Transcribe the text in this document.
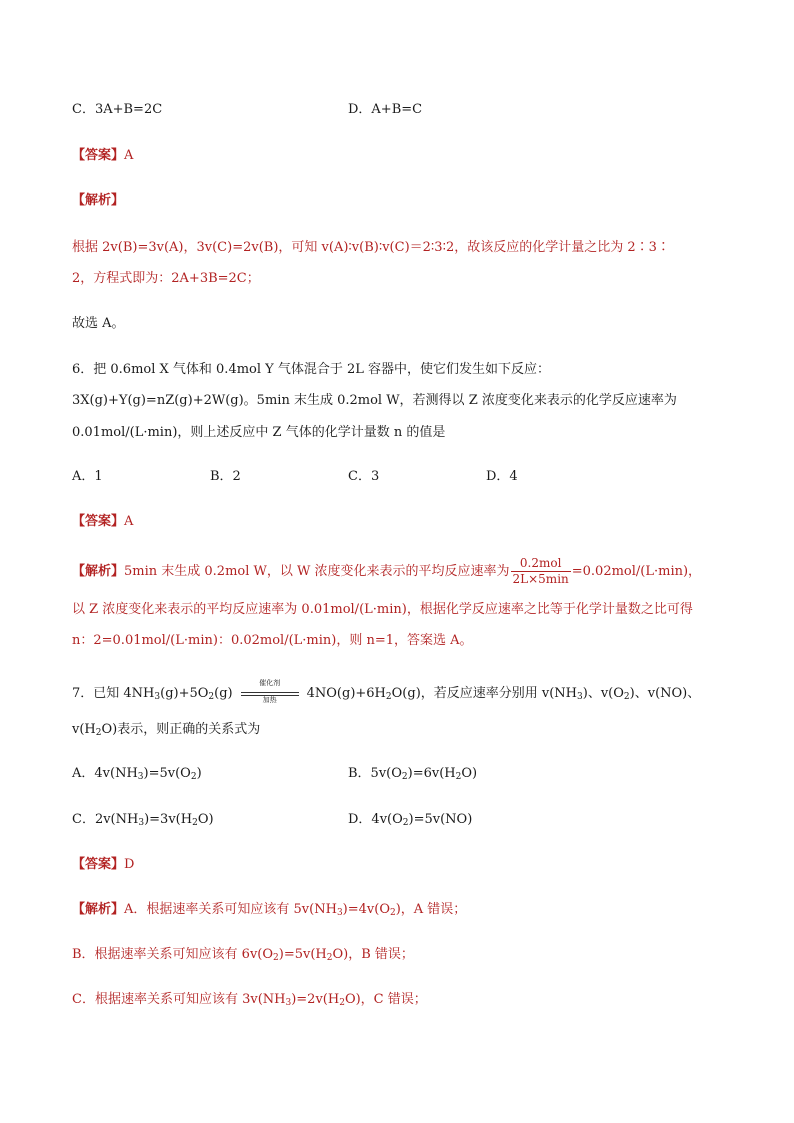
C．3A+B=2C	D．A+B=C
【答案】A
【解析】
根据 2v(B)=3v(A)，3v(C)=2v(B)，可知 v(A)∶v(B)∶v(C)＝2∶3∶2，故该反应的化学计量之比为 2∶3∶
2，方程式即为：2A+3B=2C；
故选 A。
6．把 0.6mol X 气体和 0.4mol Y 气体混合于 2L 容器中，使它们发生如下反应：
3X(g)+Y(g)=nZ(g)+2W(g)。5min 末生成 0.2mol W，若测得以 Z 浓度变化来表示的化学反应速率为
0.01mol/(L·min)，则上述反应中 Z 气体的化学计量数 n 的值是
A．1	B．2	C．3	D．4
【答案】A
【解析】5min 末生成 0.2mol W，以 W 浓度变化来表示的平均反应速率为 $\frac{\text{0.2mol}}{2L\times 5\min} =0.02mol/(L\cdot\min)$，
以 Z 浓度变化来表示的平均反应速率为 0.01mol/(L·min)，根据化学反应速率之比等于化学计量数之比可得
n：2=0.01mol/(L·min)：0.02mol/(L·min)，则 n=1，答案选 A。
7．已知 $4NH_3(g)+5O_2(g)$
催化剂
加热	$4NO(g)+6H_2O(g)$，若反应速率分别用 $v(NH_3)$、$v(O_2)$、v(NO)、
$v(H_2O)$表示，则正确的关系式为
A．$4v(NH_3)=5v(O_2)$	B．$5v(O_2)=6v(H_2O)$
C．$2v(NH_3)=3v(H_2O)$	D．$4v(O_2)=5v(NO)$
【答案】D
【解析】A．根据速率关系可知应该有 $5v(NH_3)=4v(O_2)$，A 错误；
B．根据速率关系可知应该有 $6v(O_2)=5v(H_2O)$，B 错误；
C．根据速率关系可知应该有 $3v(NH_3)=2v(H_2O)$，C 错误；
